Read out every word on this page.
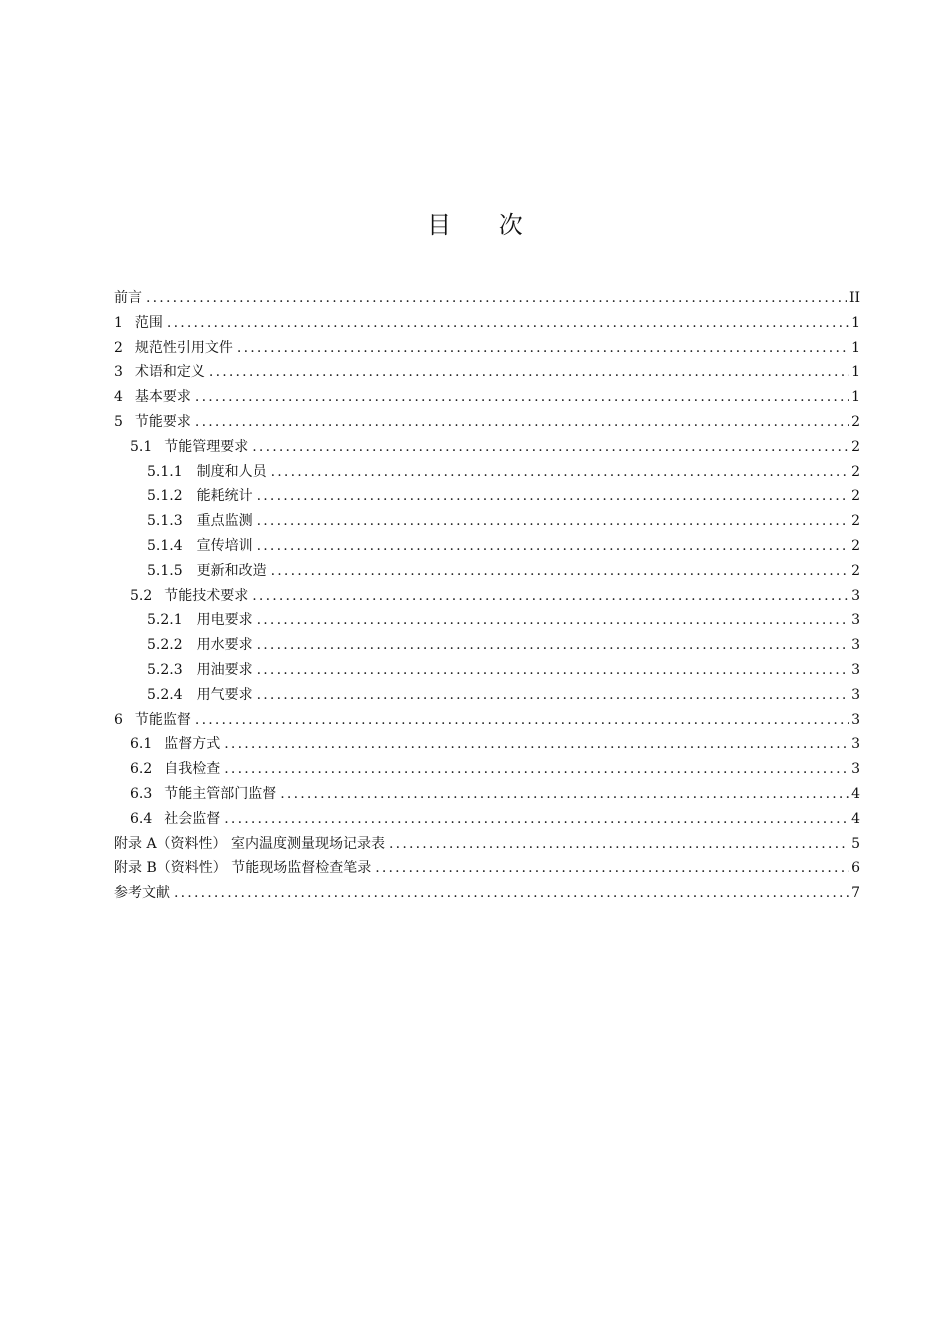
目 次
前言 .....	II
1 范围 .....	1
2 规范性引用文件 .....	1
3 术语和定义 .....	1
4 基本要求 .....	1
5 节能要求 .....	2
5.1 节能管理要求 .....	2
5.1.1 制度和人员 .....	2
5.1.2 能耗统计 .....	2
5.1.3 重点监测 .....	2
5.1.4 宣传培训 .....	2
5.1.5 更新和改造 .....	2
5.2 节能技术要求 .....	3
5.2.1 用电要求 .....	3
5.2.2 用水要求 .....	3
5.2.3 用油要求 .....	3
5.2.4 用气要求 .....	3
6 节能监督 .....	3
6.1 监督方式 .....	3
6.2 自我检查 .....	3
6.3 节能主管部门监督 .....	4
6.4 社会监督 .....	4
附录 A（资料性） 室内温度测量现场记录表 .....	5
附录 B（资料性） 节能现场监督检查笔录 .....	6
参考文献 .....	7
